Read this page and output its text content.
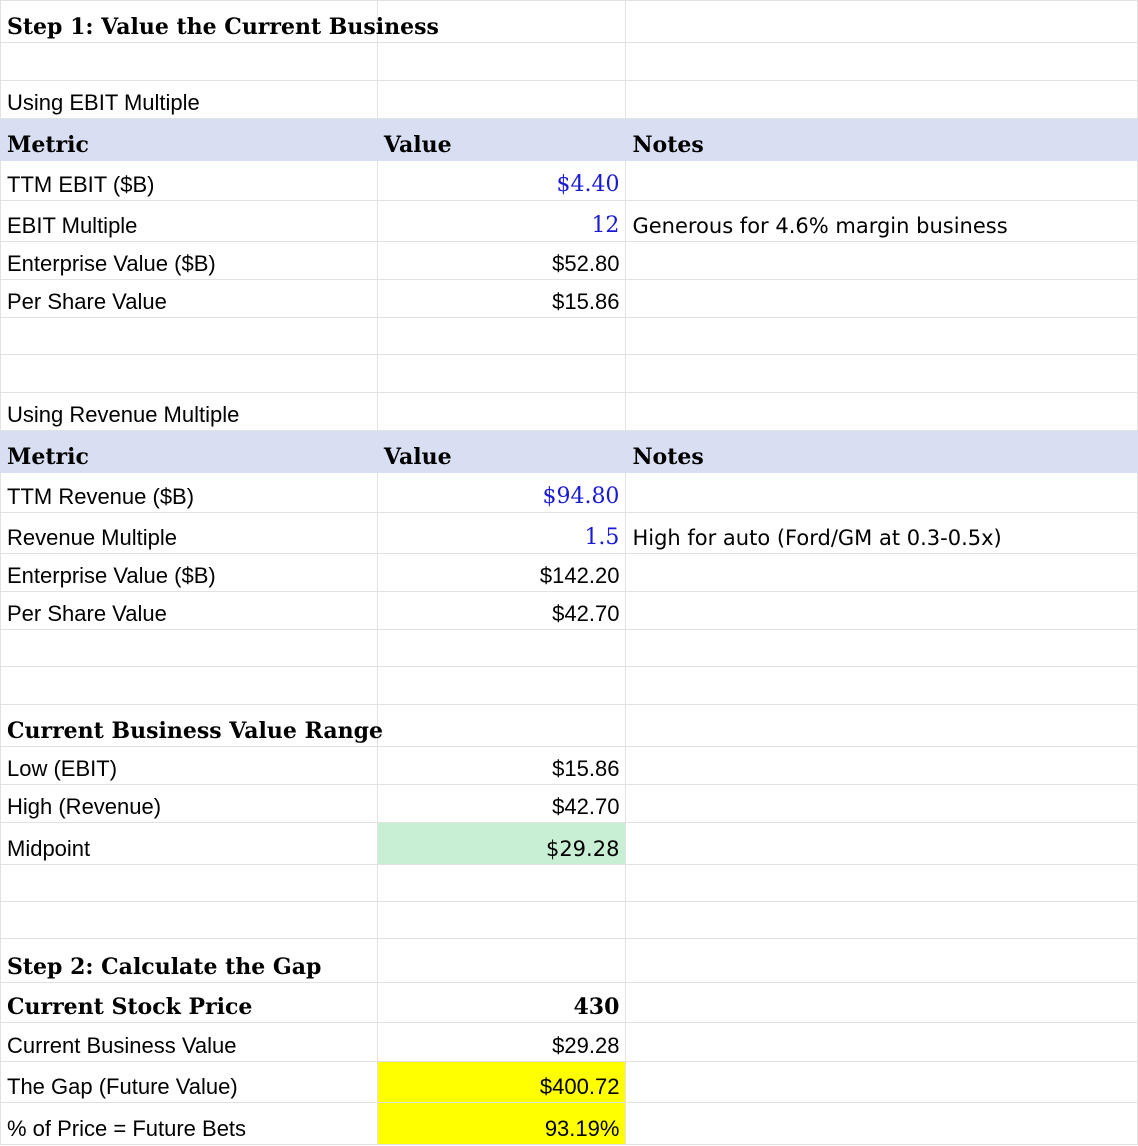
Step 1: Value the Current Business		

Using EBIT Multiple		
Metric	Value	Notes
TTM EBIT ($B)	$4.40	
EBIT Multiple	12	Generous for 4.6% margin business
Enterprise Value ($B)	$52.80	
Per Share Value	$15.86	

Using Revenue Multiple		
Metric	Value	Notes
TTM Revenue ($B)	$94.80	
Revenue Multiple	1.5	High for auto (Ford/GM at 0.3-0.5x)
Enterprise Value ($B)	$142.20	
Per Share Value	$42.70	

Current Business Value Range		
Low (EBIT)	$15.86	
High (Revenue)	$42.70	
Midpoint	$29.28	

Step 2: Calculate the Gap		
Current Stock Price	430	
Current Business Value	$29.28	
The Gap (Future Value)	$400.72	
% of Price = Future Bets	93.19%	
